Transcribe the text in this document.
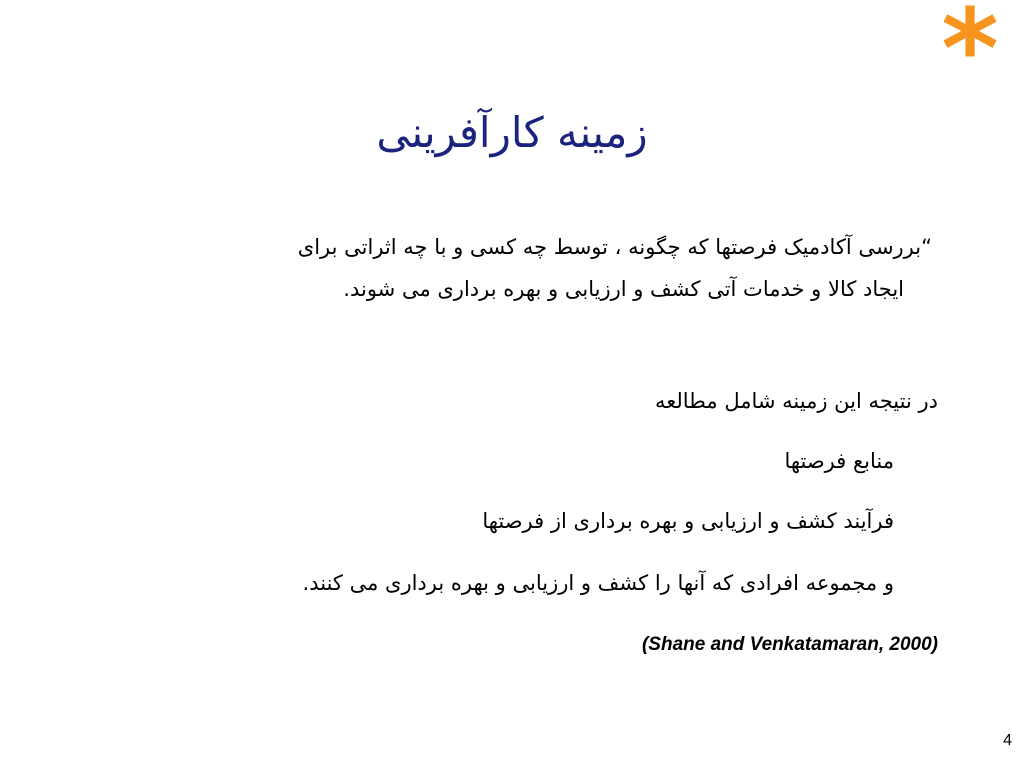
*
زمینه کارآفرینی
“بررسی آکادمیک فرصتها که چگونه ، توسط چه کسی و با چه اثراتی برای
ایجاد کالا و خدمات آتی کشف و ارزیابی و بهره برداری می شوند.
در نتیجه این زمینه شامل مطالعه
منابع فرصتها
فرآیند کشف و ارزیابی و بهره برداری از فرصتها
و مجموعه افرادی که آنها را کشف و ارزیابی و بهره برداری می کنند.
(Shane and Venkatamaran, 2000)
4
